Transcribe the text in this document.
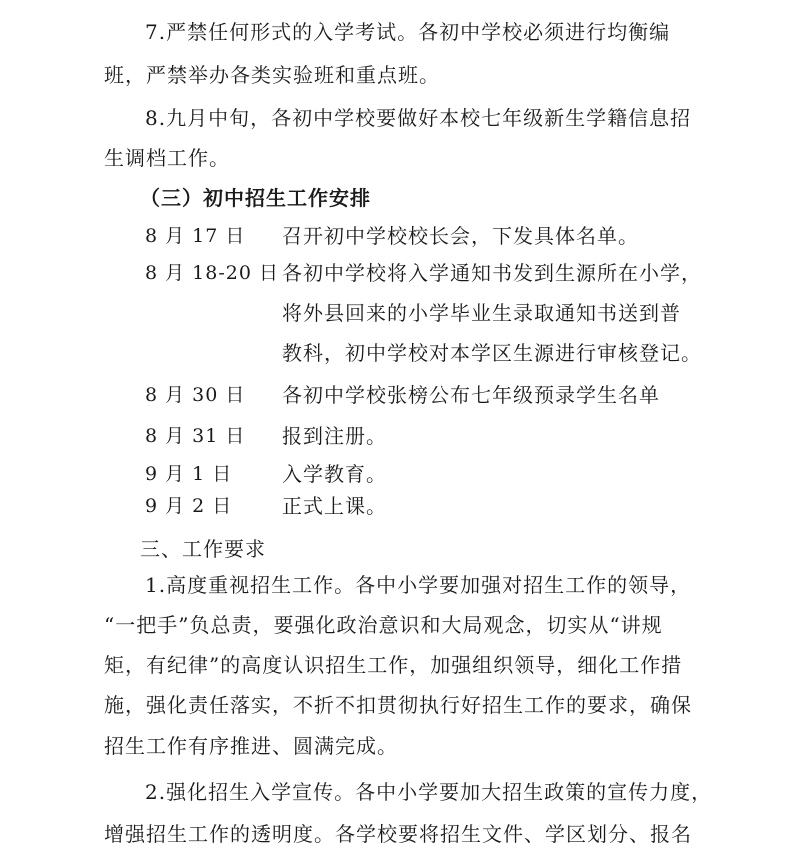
7.严禁任何形式的入学考试。各初中学校必须进行均衡编
班，严禁举办各类实验班和重点班。
8.九月中旬，各初中学校要做好本校七年级新生学籍信息招
生调档工作。
（三）初中招生工作安排
8 月 17 日 召开初中学校校长会，下发具体名单。
8 月 18-20 日 各初中学校将入学通知书发到生源所在小学，
将外县回来的小学毕业生录取通知书送到普
教科，初中学校对本学区生源进行审核登记。
8 月 30 日 各初中学校张榜公布七年级预录学生名单
8 月 31 日 报到注册。
9 月 1 日 入学教育。
9 月 2 日 正式上课。
三、工作要求
1.高度重视招生工作。各中小学要加强对招生工作的领导，
“一把手”负总责，要强化政治意识和大局观念，切实从“讲规
矩，有纪律”的高度认识招生工作，加强组织领导，细化工作措
施，强化责任落实，不折不扣贯彻执行好招生工作的要求，确保
招生工作有序推进、圆满完成。
2.强化招生入学宣传。各中小学要加大招生政策的宣传力度，
增强招生工作的透明度。各学校要将招生文件、学区划分、报名
